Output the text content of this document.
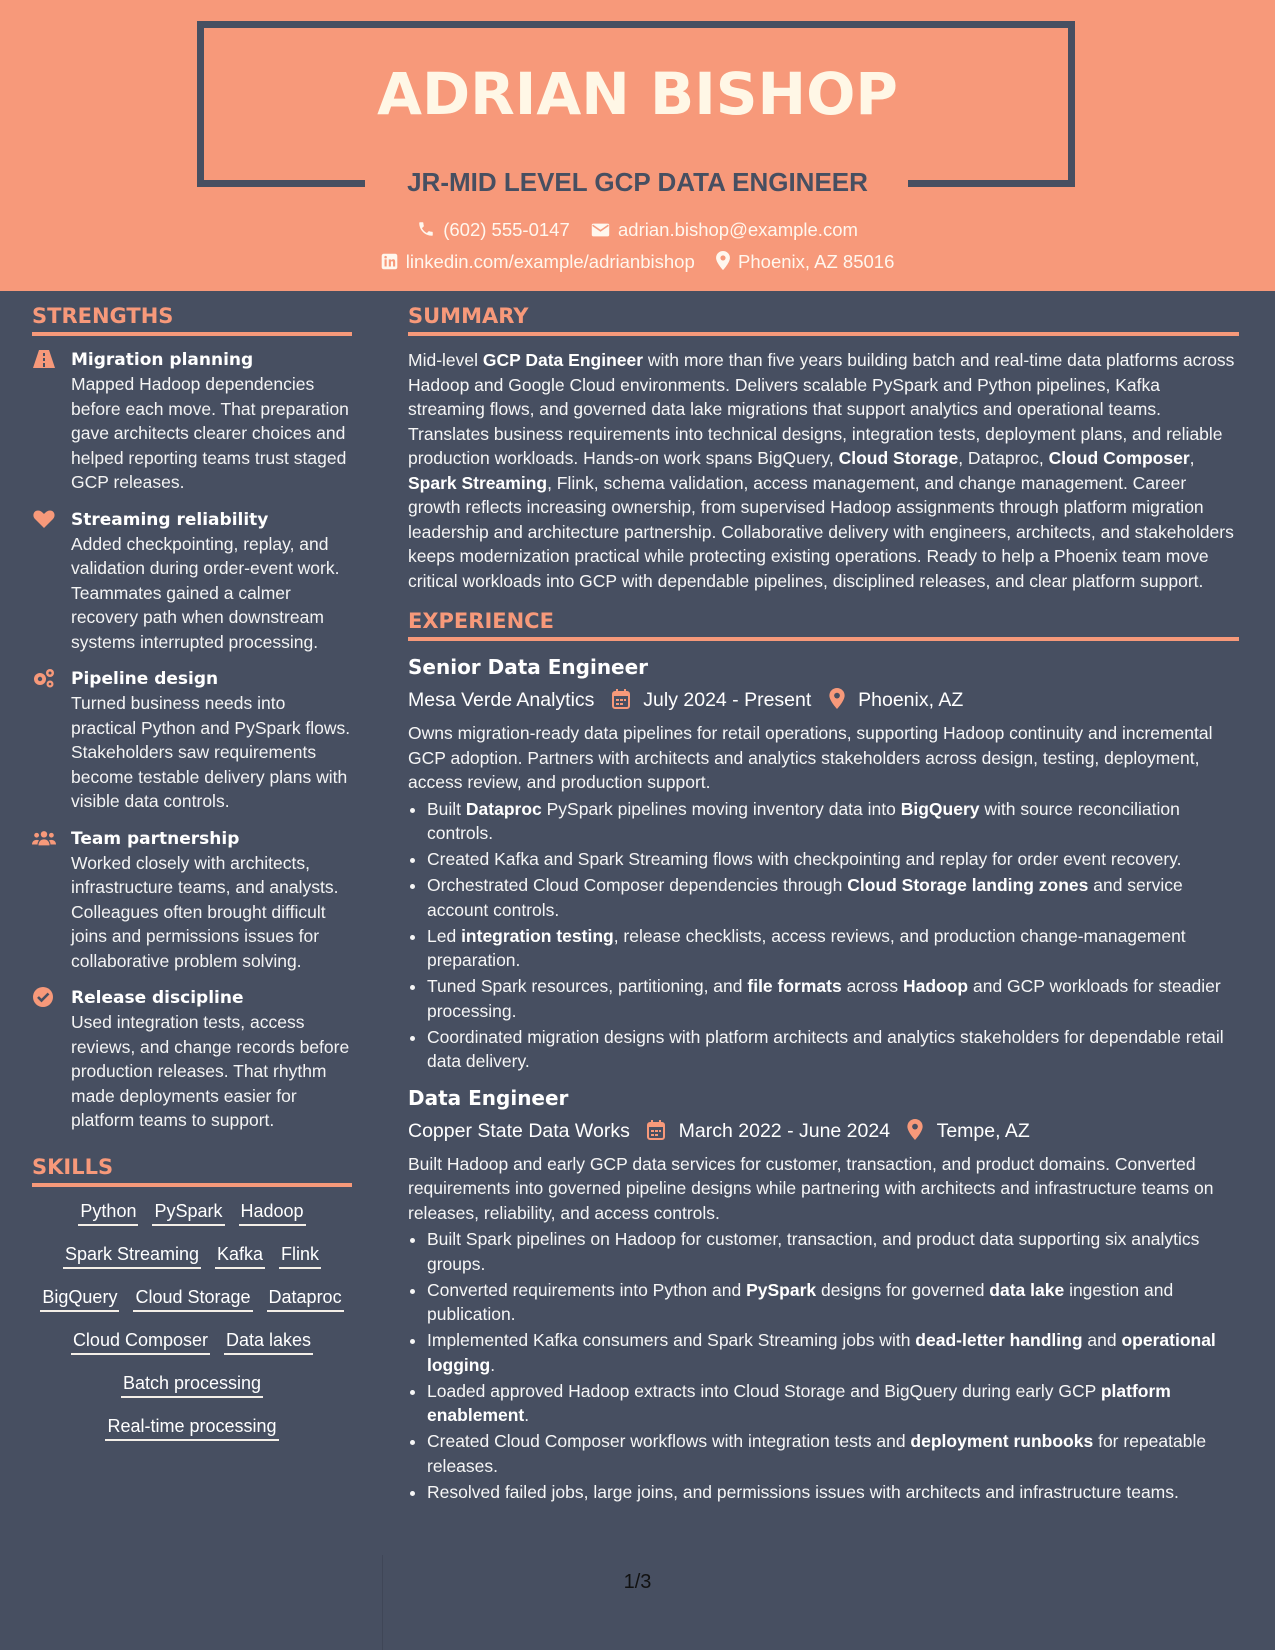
ADRIAN BISHOP
JR-MID LEVEL GCP DATA ENGINEER
(602) 555-0147	adrian.bishop@example.com
linkedin.com/example/adrianbishop Phoenix, AZ 85016
STRENGTHS
Migration planning
Mapped Hadoop dependencies before each move. That preparation gave architects clearer choices and helped reporting teams trust staged GCP releases.
Streaming reliability
Added checkpointing, replay, and validation during order-event work. Teammates gained a calmer recovery path when downstream systems interrupted processing.
Pipeline design
Turned business needs into practical Python and PySpark flows. Stakeholders saw requirements become testable delivery plans with visible data controls.
Team partnership
Worked closely with architects, infrastructure teams, and analysts. Colleagues often brought difficult joins and permissions issues for collaborative problem solving.
Release discipline
Used integration tests, access reviews, and change records before production releases. That rhythm made deployments easier for platform teams to support.
SKILLS
Python PySpark Hadoop
Spark Streaming Kafka Flink
BigQuery Cloud Storage Dataproc
Cloud Composer Data lakes
Batch processing
Real-time processing
SUMMARY
Mid-level GCP Data Engineer with more than five years building batch and real-time data platforms across Hadoop and Google Cloud environments. Delivers scalable PySpark and Python pipelines, Kafka streaming flows, and governed data lake migrations that support analytics and operational teams. Translates business requirements into technical designs, integration tests, deployment plans, and reliable production workloads. Hands-on work spans BigQuery, Cloud Storage, Dataproc, Cloud Composer, Spark Streaming, Flink, schema validation, access management, and change management. Career growth reflects increasing ownership, from supervised Hadoop assignments through platform migration leadership and architecture partnership. Collaborative delivery with engineers, architects, and stakeholders keeps modernization practical while protecting existing operations. Ready to help a Phoenix team move critical workloads into GCP with dependable pipelines, disciplined releases, and clear platform support.
EXPERIENCE
Senior Data Engineer
Mesa Verde Analytics	July 2024 - Present Phoenix, AZ
Owns migration-ready data pipelines for retail operations, supporting Hadoop continuity and incremental GCP adoption. Partners with architects and analytics stakeholders across design, testing, deployment, access review, and production support.
• Built Dataproc PySpark pipelines moving inventory data into BigQuery with source reconciliation controls.
• Created Kafka and Spark Streaming flows with checkpointing and replay for order event recovery.
• Orchestrated Cloud Composer dependencies through Cloud Storage landing zones and service account controls.
• Led integration testing, release checklists, access reviews, and production change-management preparation.
• Tuned Spark resources, partitioning, and file formats across Hadoop and GCP workloads for steadier processing.
• Coordinated migration designs with platform architects and analytics stakeholders for dependable retail data delivery.
Data Engineer
Copper State Data Works	March 2022 - June 2024 Tempe, AZ
Built Hadoop and early GCP data services for customer, transaction, and product domains. Converted requirements into governed pipeline designs while partnering with architects and infrastructure teams on releases, reliability, and access controls.
• Built Spark pipelines on Hadoop for customer, transaction, and product data supporting six analytics groups.
• Converted requirements into Python and PySpark designs for governed data lake ingestion and publication.
• Implemented Kafka consumers and Spark Streaming jobs with dead-letter handling and operational logging.
• Loaded approved Hadoop extracts into Cloud Storage and BigQuery during early GCP platform enablement.
• Created Cloud Composer workflows with integration tests and deployment runbooks for repeatable releases.
• Resolved failed jobs, large joins, and permissions issues with architects and infrastructure teams.
1/3
